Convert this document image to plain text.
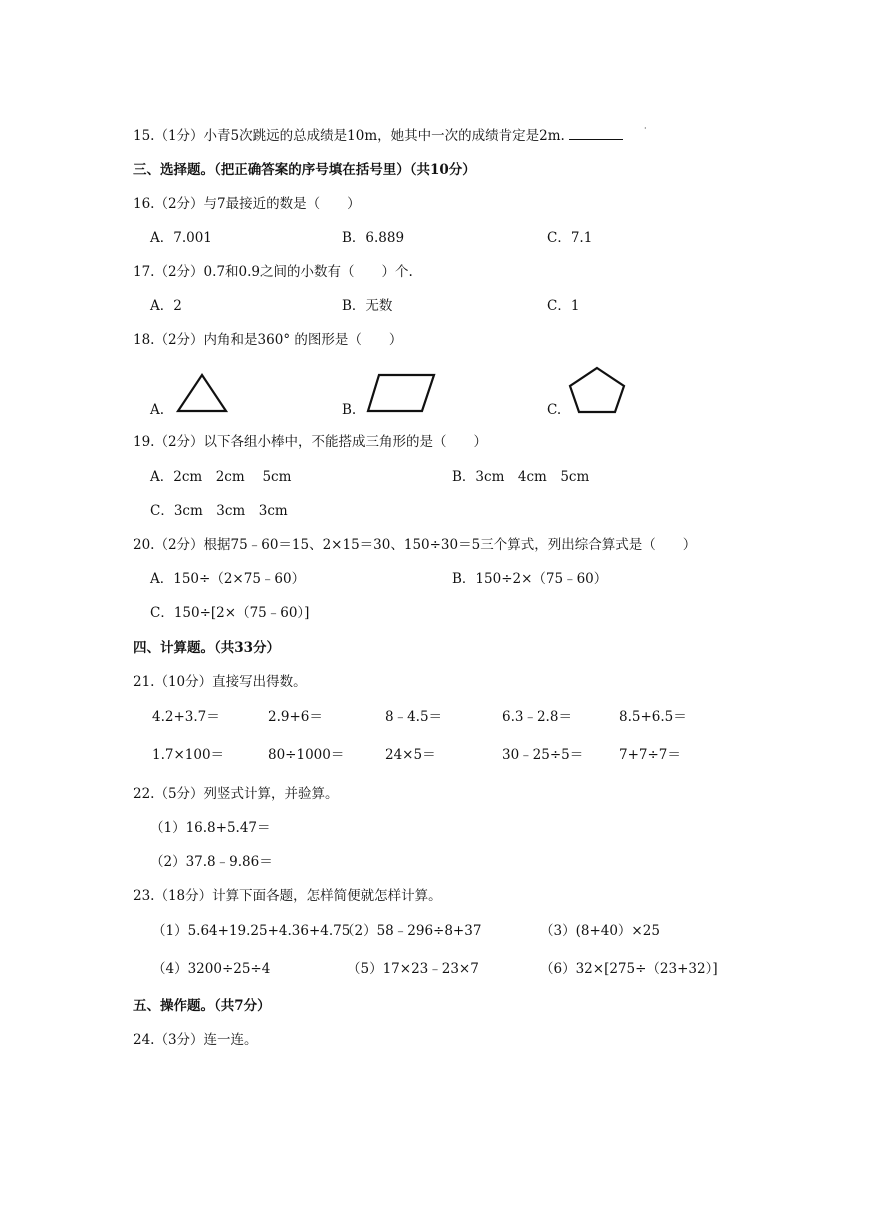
15.（1分）小青5次跳远的总成绩是10m，她其中一次的成绩肯定是2m.	·
三、选择题。（把正确答案的序号填在括号里）（共10分）
16.（2分）与7最接近的数是（　　）
A．7.001	B．6.889	C．7.1
17.（2分）0.7和0.9之间的小数有（　　）个.
A．2	B．无数	C．1
18.（2分）内角和是360° 的图形是（　　）
A.	B.	C.
19.（2分）以下各组小棒中，不能搭成三角形的是（　　）
A．2cm　2cm　 5cm	B．3cm　4cm　5cm
C．3cm　3cm　3cm
20.（2分）根据75﹣60＝15、2×15＝30、150÷30＝5三个算式，列出综合算式是（　　）
A．150÷（2×75﹣60）	B．150÷2×（75﹣60）
C．150÷[2×（75﹣60）]
四、计算题。（共33分）
21.（10分）直接写出得数。
4.2+3.7＝	2.9+6＝	8﹣4.5＝	6.3﹣2.8＝	8.5+6.5＝
1.7×100＝	80÷1000＝	24×5＝	30﹣25÷5＝	7+7÷7＝
22.（5分）列竖式计算，并验算。
（1）16.8+5.47＝
（2）37.8﹣9.86＝
23.（18分）计算下面各题，怎样简便就怎样计算。
（1）5.64+19.25+4.36+4.75
（2）58﹣296÷8+37	（3）(8+40）×25
（4）3200÷25÷4	（5）17×23﹣23×7	（6）32×[275÷（23+32）]
五、操作题。（共7分）
24.（3分）连一连。
